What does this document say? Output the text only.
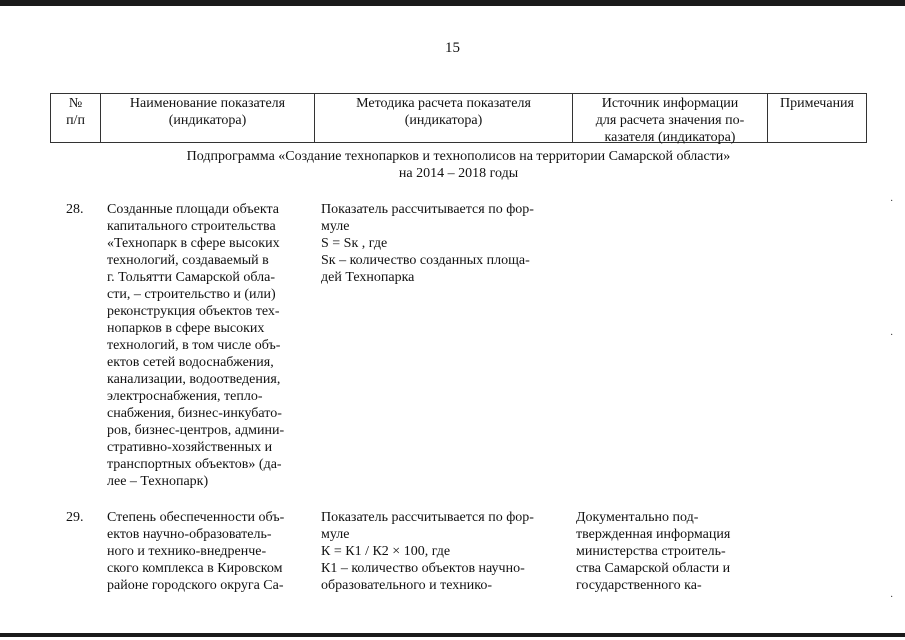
15
№
п/п
Наименование показателя
(индикатора)
Методика расчета показателя
(индикатора)
Источник информации
для расчета значения по-
казателя (индикатора)
Примечания
Подпрограмма «Создание технопарков и технополисов на территории Самарской области»
на 2014 – 2018 годы
28.	Созданные площади объекта
капитального строительства
«Технопарк в сфере высоких
технологий, создаваемый в
г. Тольятти Самарской обла-
сти, – строительство и (или)
реконструкция объектов тех-
нопарков в сфере высоких
технологий, в том числе объ-
ектов сетей водоснабжения,
канализации, водоотведения,
электроснабжения, тепло-
снабжения, бизнес-инкубато-
ров, бизнес-центров, админи-
стративно-хозяйственных и
транспортных объектов» (да-
лее – Технопарк)
Показатель рассчитывается по фор-
муле
S = Sк , где
Sк – количество созданных площа-
дей Технопарка
29.	Степень обеспеченности объ-
ектов научно-образователь-
ного и технико-внедренче-
ского комплекса в Кировском
районе городского округа Са-
Показатель рассчитывается по фор-
муле
К = К1 / К2 × 100, где
К1 – количество объектов научно-
образовательного и технико-
Документально под-
твержденная информация
министерства строитель-
ства Самарской области и
государственного ка-
·
·
·
